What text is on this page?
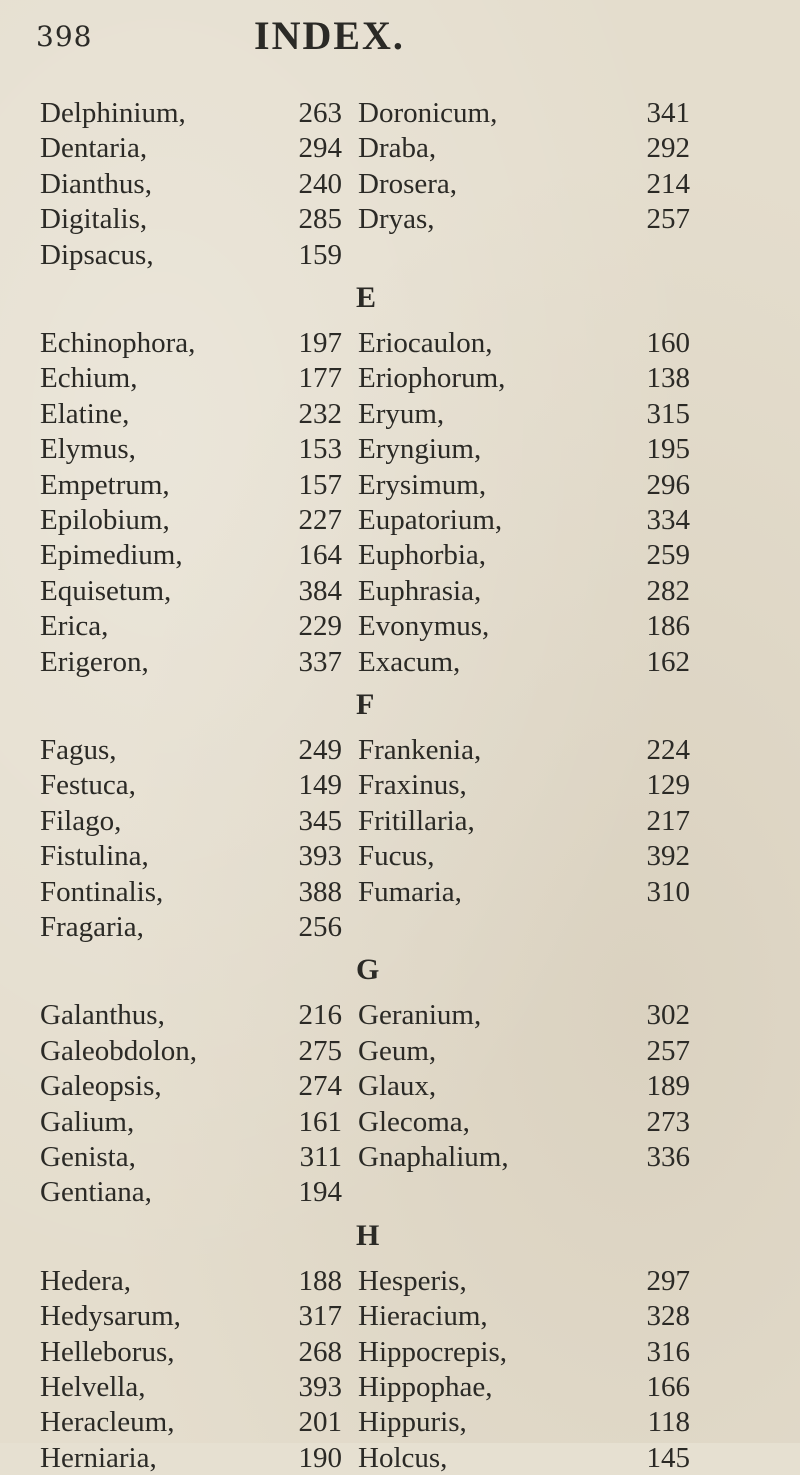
398	INDEX.
Delphinium,	263 Doronicum,	341
Dentaria,	294 Draba,	292
Dianthus,	240 Drosera,	214
Digitalis,	285 Dryas,	257
Dipsacus,	159
E
Echinophora,	197 Eriocaulon,	160
Echium,	177 Eriophorum,	138
Elatine,	232 Eryum,	315
Elymus,	153 Eryngium,	195
Empetrum,	157 Erysimum,	296
Epilobium,	227 Eupatorium,	334
Epimedium,	164 Euphorbia,	259
Equisetum,	384 Euphrasia,	282
Erica,	229 Evonymus,	186
Erigeron,	337 Exacum,	162
F
Fagus,	249 Frankenia,	224
Festuca,	149 Fraxinus,	129
Filago,	345 Fritillaria,	217
Fistulina,	393 Fucus,	392
Fontinalis,	388 Fumaria,	310
Fragaria,	256
G
Galanthus,	216 Geranium,	302
Galeobdolon,	275 Geum,	257
Galeopsis,	274 Glaux,	189
Galium,	161 Glecoma,	273
Genista,	311 Gnaphalium,	336
Gentiana,	194
H
Hedera,	188 Hesperis,	297
Hedysarum,	317 Hieracium,	328
Helleborus,	268 Hippocrepis,	316
Helvella,	393 Hippophae,	166
Heracleum,	201 Hippuris,	118
Herniaria,	190 Holcus,	145
